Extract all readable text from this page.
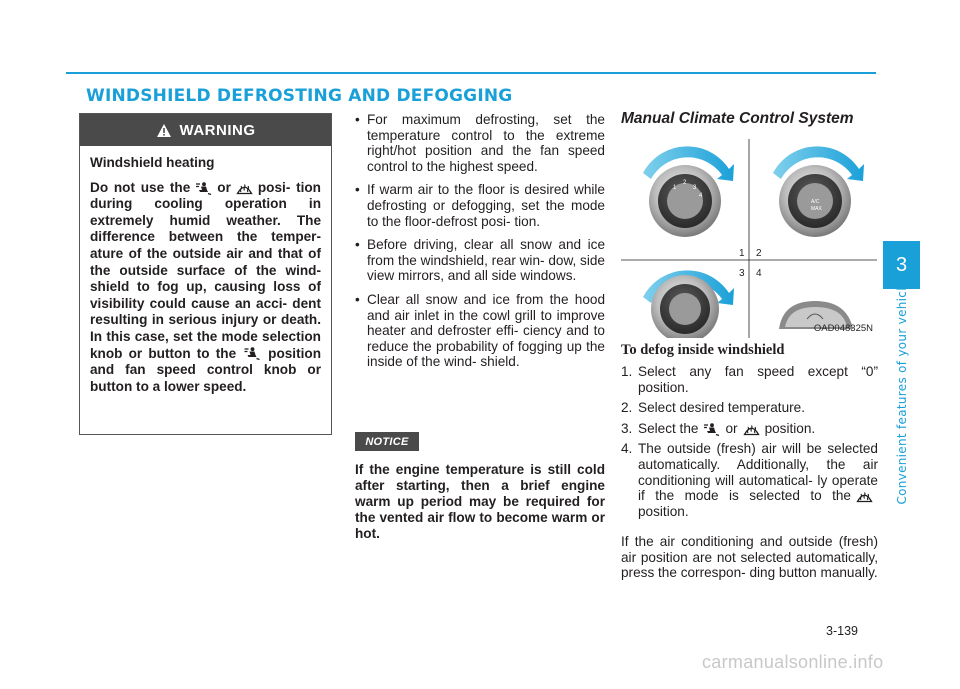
WINDSHIELD DEFROSTING AND DEFOGGING
WARNING
Windshield heating
Do not use the or posi- tion during cooling operation in extremely humid weather. The difference between the temper- ature of the outside air and that of the outside surface of the wind- shield to fog up, causing loss of visibility could cause an acci- dent resulting in serious injury or death. In this case, set the mode selection knob or button to the position and fan speed control knob or button to a lower speed.
• For maximum defrosting, set the temperature control to the extreme right/hot position and the fan speed control to the highest speed.
• If warm air to the floor is desired while defrosting or defogging, set the mode to the floor-defrost posi- tion.
• Before driving, clear all snow and ice from the windshield, rear win- dow, side view mirrors, and all side windows.
• Clear all snow and ice from the hood and air inlet in the cowl grill to improve heater and defroster effi- ciency and to reduce the probability of fogging up the inside of the wind- shield.
NOTICE
If the engine temperature is still cold after starting, then a brief engine warm up period may be required for the vented air flow to become warm or hot.
Manual Climate Control System
1 2
3 4
1
2
3
4
A/C
MAX
OAD048325N
To defog inside windshield
1. Select any fan speed except “0” position.
2. Select desired temperature.
3. Select the or position.
4. The outside (fresh) air will be selected automatically. Additionally, the air conditioning will automatical- ly operate if the mode is selected to theposition.
If the air conditioning and outside (fresh) air position are not selected automatically, press the correspon- ding button manually.
3
Convenient features of your vehicle
3-139
carmanualsonline.info
